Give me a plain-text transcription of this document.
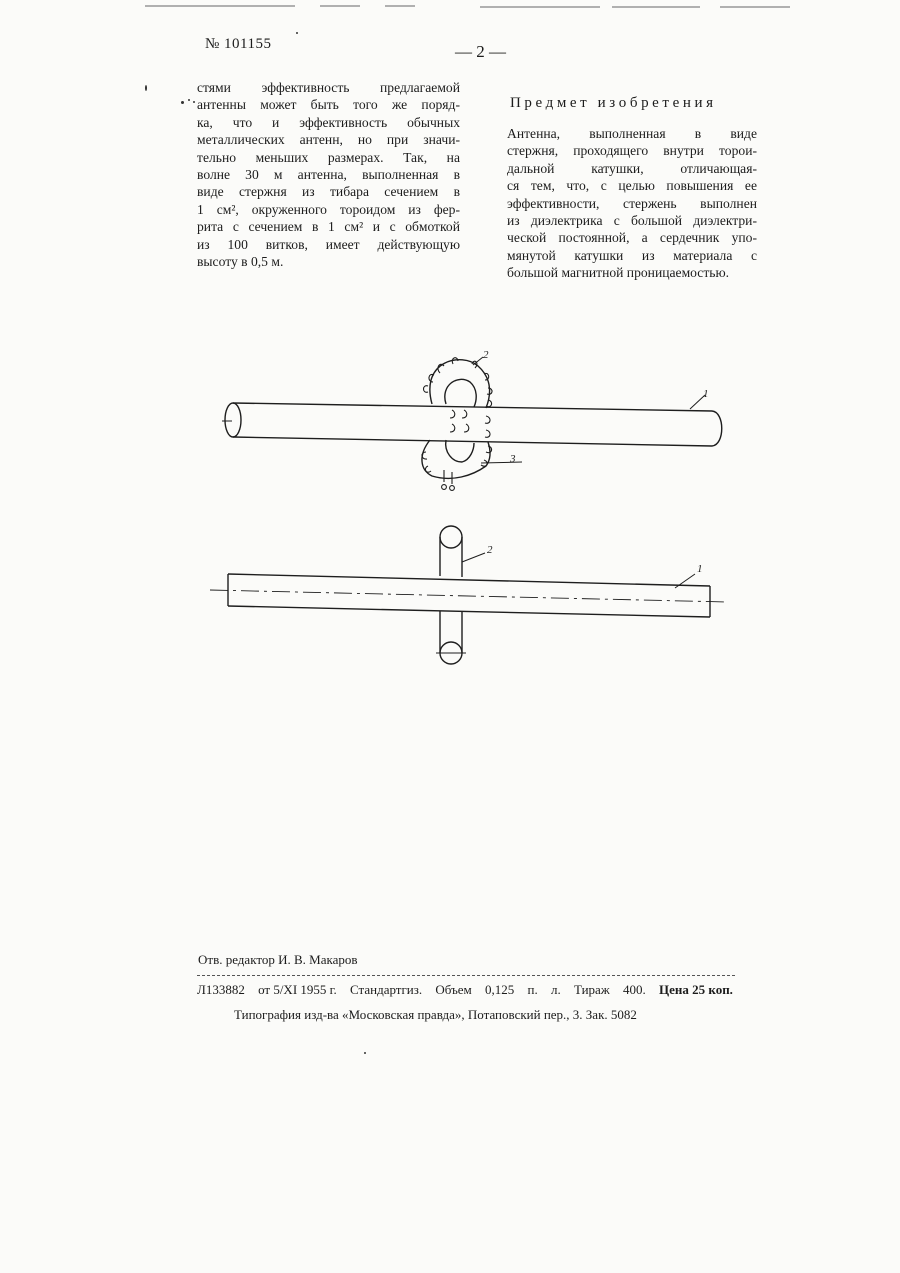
№ 101155	— 2 —
стями эффективность предлагаемой
антенны может быть того же поряд-
ка, что и эффективность обычных
металлических антенн, но при значи-
тельно меньших размерах. Так, на
волне 30 м антенна, выполненная в
виде стержня из тибара сечением в
1 см², окруженного тороидом из фер-
рита с сечением в 1 см² и с обмоткой
из 100 витков, имеет действующую
высоту в 0,5 м.
Предмет изобретения
Антенна, выполненная в виде
стержня, проходящего внутри торои-
дальной катушки, отличающая-
ся тем, что, с целью повышения ее
эффективности, стержень выполнен
из диэлектрика с большой диэлектри-
ческой постоянной, а сердечник упо-
мянутой катушки из материала с
большой магнитной проницаемостью.
1
2
3
1
2
Отв. редактор И. В. Макаров
Л133882 от 5/XI 1955 г. Стандартгиз. Объем 0,125 п. л. Тираж 400. Цена 25 коп.
Типография изд-ва «Московская правда», Потаповский пер., 3. Зак. 5082
